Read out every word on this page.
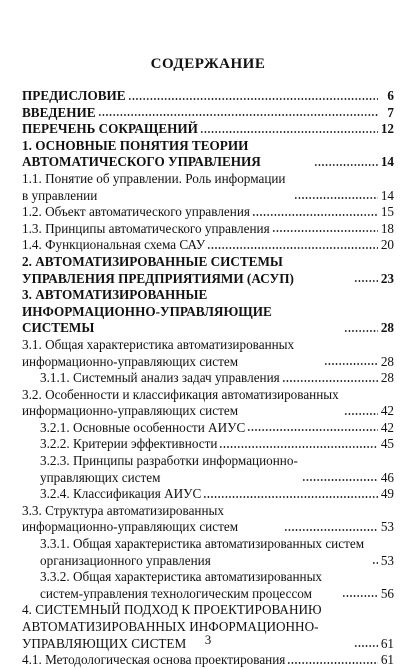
СОДЕРЖАНИЕ
ПРЕДИСЛОВИЕ	6
ВВЕДЕНИЕ	7
ПЕРЕЧЕНЬ СОКРАЩЕНИЙ	12
1. ОСНОВНЫЕ ПОНЯТИЯ ТЕОРИИ АВТОМАТИЧЕСКОГО УПРАВЛЕНИЯ	14
1.1. Понятие об управлении. Роль информации в управлении	14
1.2. Объект автоматического управления	15
1.3. Принципы автоматического управления	18
1.4. Функциональная схема САУ	20
2. АВТОМАТИЗИРОВАННЫЕ СИСТЕМЫ УПРАВЛЕНИЯ ПРЕДПРИЯТИЯМИ (АСУП)	23
3. АВТОМАТИЗИРОВАННЫЕ ИНФОРМАЦИОННО-УПРАВЛЯЮЩИЕ СИСТЕМЫ	28
3.1. Общая характеристика автоматизированных информационно-управляющих систем	28
3.1.1. Системный анализ задач управления	28
3.2. Особенности и классификация автоматизированных информационно-управляющих систем	42
3.2.1. Основные особенности АИУС	42
3.2.2. Критерии эффективности	45
3.2.3. Принципы разработки информационно-управляющих систем	46
3.2.4. Классификация АИУС	49
3.3. Структура автоматизированных информационно-управляющих систем	53
3.3.1. Общая характеристика автоматизированных систем организационного управления	53
3.3.2. Общая характеристика автоматизированных систем-управления технологическим процессом	56
4. СИСТЕМНЫЙ ПОДХОД К ПРОЕКТИРОВАНИЮ АВТОМАТИЗИРОВАННЫХ ИНФОРМАЦИОННО-УПРАВЛЯЮЩИХ СИСТЕМ	61
4.1. Методологическая основа проектирования	61
3
